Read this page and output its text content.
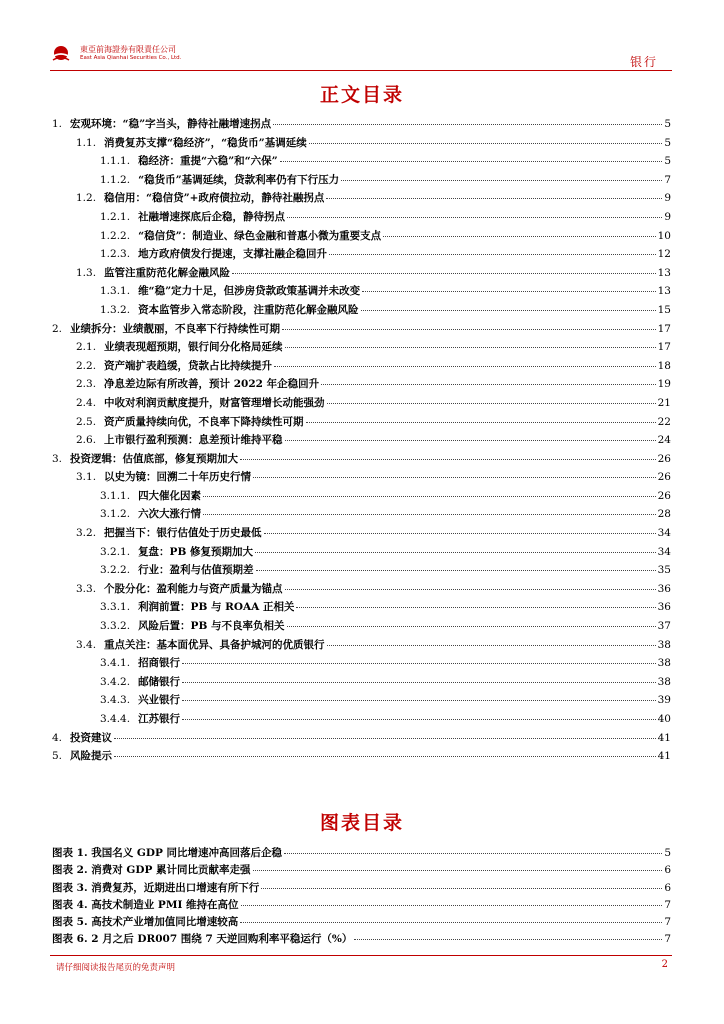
東亞前海證券有限責任公司
East Asia Qianhai Securities Co., Ltd.	银行
正文目录
1. 宏观环境：“稳”字当头，静待社融增速拐点	5
1.1. 消费复苏支撑“稳经济”，“稳货币”基调延续	5
1.1.1. 稳经济：重提“六稳”和“六保”	5
1.1.2. “稳货币”基调延续，贷款利率仍有下行压力	7
1.2. 稳信用：“稳信贷”+政府债拉动，静待社融拐点	9
1.2.1. 社融增速探底后企稳，静待拐点	9
1.2.2. “稳信贷”：制造业、绿色金融和普惠小微为重要支点	10
1.2.3. 地方政府债发行提速，支撑社融企稳回升	12
1.3. 监管注重防范化解金融风险	13
1.3.1. 维“稳”定力十足，但涉房贷款政策基调并未改变	13
1.3.2. 资本监管步入常态阶段，注重防范化解金融风险	15
2. 业绩拆分：业绩靓丽，不良率下行持续性可期	17
2.1. 业绩表现超预期，银行间分化格局延续	17
2.2. 资产端扩表趋缓，贷款占比持续提升	18
2.3. 净息差边际有所改善，预计 2022 年企稳回升	19
2.4. 中收对利润贡献度提升，财富管理增长动能强劲	21
2.5. 资产质量持续向优，不良率下降持续性可期	22
2.6. 上市银行盈利预测：息差预计维持平稳	24
3. 投资逻辑：估值底部，修复预期加大	26
3.1. 以史为镜：回溯二十年历史行情	26
3.1.1. 四大催化因素	26
3.1.2. 六次大涨行情	28
3.2. 把握当下：银行估值处于历史最低	34
3.2.1. 复盘：PB 修复预期加大	34
3.2.2. 行业：盈利与估值预期差	35
3.3. 个股分化：盈利能力与资产质量为锚点	36
3.3.1. 利润前置：PB 与 ROAA 正相关	36
3.3.2. 风险后置：PB 与不良率负相关	37
3.4. 重点关注：基本面优异、具备护城河的优质银行	38
3.4.1. 招商银行	38
3.4.2. 邮储银行	38
3.4.3. 兴业银行	39
3.4.4. 江苏银行	40
4. 投资建议	41
5. 风险提示	41
图表目录
图表 1. 我国名义 GDP 同比增速冲高回落后企稳	5
图表 2. 消费对 GDP 累计同比贡献率走强	6
图表 3. 消费复苏，近期进出口增速有所下行	6
图表 4. 高技术制造业 PMI 维持在高位	7
图表 5. 高技术产业增加值同比增速较高	7
图表 6. 2 月之后 DR007 围绕 7 天逆回购利率平稳运行（%）	7
请仔细阅读报告尾页的免责声明	2
